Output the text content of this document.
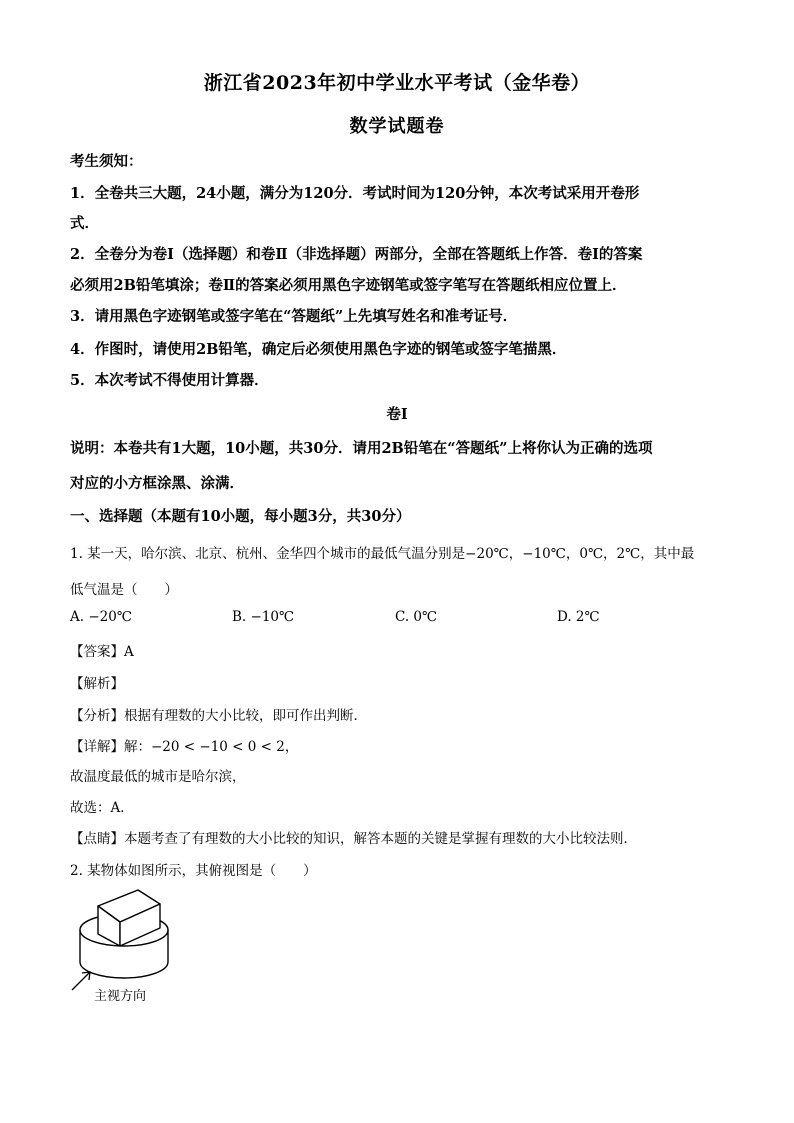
浙江省2023年初中学业水平考试（金华卷）
数学试题卷
考生须知：
1．全卷共三大题，24小题，满分为120分．考试时间为120分钟，本次考试采用开卷形
式．
2．全卷分为卷Ⅰ（选择题）和卷Ⅱ（非选择题）两部分，全部在答题纸上作答．卷Ⅰ的答案
必须用2B铅笔填涂；卷Ⅱ的答案必须用黑色字迹钢笔或签字笔写在答题纸相应位置上．
3．请用黑色字迹钢笔或签字笔在“答题纸”上先填写姓名和准考证号．
4．作图时，请使用2B铅笔，确定后必须使用黑色字迹的钢笔或签字笔描黑．
5．本次考试不得使用计算器．
卷Ⅰ
说明：本卷共有1大题，10小题，共30分．请用2B铅笔在“答题纸”上将你认为正确的选项
对应的小方框涂黑、涂满．
一、选择题（本题有10小题，每小题3分，共30分）
1. 某一天，哈尔滨、北京、杭州、金华四个城市的最低气温分别是−20℃，−10℃，0℃，2℃，其中最
低气温是（　　）
A. −20℃	B. −10℃	C. 0℃	D. 2℃
【答案】A
【解析】
【分析】根据有理数的大小比较，即可作出判断．
【详解】解：−20 < −10 < 0 < 2，
故温度最低的城市是哈尔滨，
故选：A．
【点睛】本题考查了有理数的大小比较的知识，解答本题的关键是掌握有理数的大小比较法则．
2. 某物体如图所示，其俯视图是（　　）
主视方向
